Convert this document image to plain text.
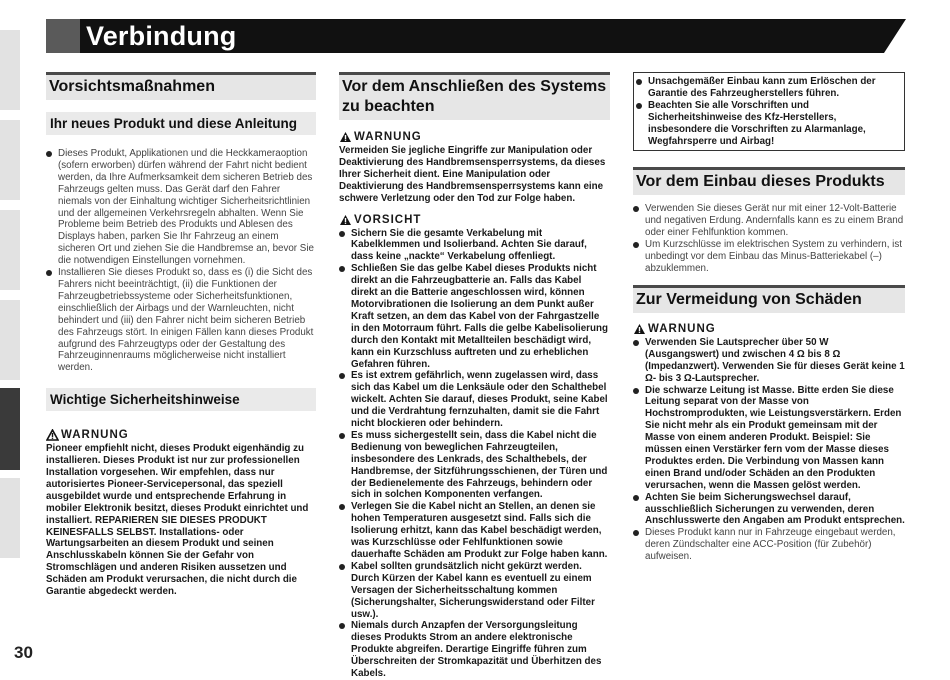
Verbindung
Vorsichtsmaßnahmen
Ihr neues Produkt und diese Anleitung
Dieses Produkt, Applikationen und die Heckkameraoption (sofern erworben) dürfen während der Fahrt nicht bedient werden, da Ihre Aufmerksamkeit dem sicheren Betrieb des Fahrzeugs gelten muss. Das Gerät darf den Fahrer niemals von der Einhaltung wichtiger Sicherheitsrichtlinien und der allgemeinen Verkehrsregeln abhalten. Wenn Sie Probleme beim Betrieb des Produkts und Ablesen des Displays haben, parken Sie Ihr Fahrzeug an einem sicheren Ort und ziehen Sie die Handbremse an, bevor Sie die notwendigen Einstellungen vornehmen.
Installieren Sie dieses Produkt so, dass es (i) die Sicht des Fahrers nicht beeinträchtigt, (ii) die Funktionen der Fahrzeugbetriebssysteme oder Sicherheitsfunktionen, einschließlich der Airbags und der Warnleuchten, nicht behindert und (iii) den Fahrer nicht beim sicheren Betrieb des Fahrzeugs stört. In einigen Fällen kann dieses Produkt aufgrund des Fahrzeugtyps oder der Gestaltung des Fahrzeuginnenraums möglicherweise nicht installiert werden.
Wichtige Sicherheitshinweise
WARNUNG
Pioneer empfiehlt nicht, dieses Produkt eigenhändig zu installieren. Dieses Produkt ist nur zur professionellen Installation vorgesehen. Wir empfehlen, dass nur autorisiertes Pioneer-Servicepersonal, das speziell ausgebildet wurde und entsprechende Erfahrung in mobiler Elektronik besitzt, dieses Produkt einrichtet und installiert. REPARIEREN SIE DIESES PRODUKT KEINESFALLS SELBST. Installations- oder Wartungsarbeiten an diesem Produkt und seinen Anschlusskabeln können Sie der Gefahr von Stromschlägen und anderen Risiken aussetzen und Schäden am Produkt verursachen, die nicht durch die Garantie abgedeckt werden.
Vor dem Anschließen des Systems zu beachten
WARNUNG
Vermeiden Sie jegliche Eingriffe zur Manipulation oder Deaktivierung des Handbremsensperrsystems, da dieses Ihrer Sicherheit dient. Eine Manipulation oder Deaktivierung des Handbremsensperrsystems kann eine schwere Verletzung oder den Tod zur Folge haben.
VORSICHT
Sichern Sie die gesamte Verkabelung mit Kabelklemmen und Isolierband. Achten Sie darauf, dass keine „nackte“ Verkabelung offenliegt.
Schließen Sie das gelbe Kabel dieses Produkts nicht direkt an die Fahrzeugbatterie an. Falls das Kabel direkt an die Batterie angeschlossen wird, können Motorvibrationen die Isolierung an dem Punkt außer Kraft setzen, an dem das Kabel von der Fahrgastzelle in den Motorraum führt. Falls die gelbe Kabelisolierung durch den Kontakt mit Metallteilen beschädigt wird, kann ein Kurzschluss auftreten und zu erheblichen Gefahren führen.
Es ist extrem gefährlich, wenn zugelassen wird, dass sich das Kabel um die Lenksäule oder den Schalthebel wickelt. Achten Sie darauf, dieses Produkt, seine Kabel und die Verdrahtung fernzuhalten, damit sie die Fahrt nicht blockieren oder behindern.
Es muss sichergestellt sein, dass die Kabel nicht die Bedienung von beweglichen Fahrzeugteilen, insbesondere des Lenkrads, des Schalthebels, der Handbremse, der Sitzführungsschienen, der Türen und der Bedienelemente des Fahrzeugs, behindern oder sich in solchen Komponenten verfangen.
Verlegen Sie die Kabel nicht an Stellen, an denen sie hohen Temperaturen ausgesetzt sind. Falls sich die Isolierung erhitzt, kann das Kabel beschädigt werden, was Kurzschlüsse oder Fehlfunktionen sowie dauerhafte Schäden am Produkt zur Folge haben kann.
Kabel sollten grundsätzlich nicht gekürzt werden. Durch Kürzen der Kabel kann es eventuell zu einem Versagen der Sicherheitsschaltung kommen (Sicherungshalter, Sicherungswiderstand oder Filter usw.).
Niemals durch Anzapfen der Versorgungsleitung dieses Produkts Strom an andere elektronische Produkte abgreifen. Derartige Eingriffe führen zum Überschreiten der Stromkapazität und Überhitzen des Kabels.
Unsachgemäßer Einbau kann zum Erlöschen der Garantie des Fahrzeugherstellers führen.
Beachten Sie alle Vorschriften und Sicherheitshinweise des Kfz-Herstellers, insbesondere die Vorschriften zu Alarmanlage, Wegfahrsperre und Airbag!
Vor dem Einbau dieses Produkts
Verwenden Sie dieses Gerät nur mit einer 12-Volt-Batterie und negativen Erdung. Andernfalls kann es zu einem Brand oder einer Fehlfunktion kommen.
Um Kurzschlüsse im elektrischen System zu verhindern, ist unbedingt vor dem Einbau das Minus-Batteriekabel (–) abzuklemmen.
Zur Vermeidung von Schäden
WARNUNG
Verwenden Sie Lautsprecher über 50 W (Ausgangswert) und zwischen 4 Ω bis 8 Ω (Impedanzwert). Verwenden Sie für dieses Gerät keine 1 Ω- bis 3 Ω-Lautsprecher.
Die schwarze Leitung ist Masse. Bitte erden Sie diese Leitung separat von der Masse von Hochstromprodukten, wie Leistungsverstärkern. Erden Sie nicht mehr als ein Produkt gemeinsam mit der Masse von einem anderen Produkt. Beispiel: Sie müssen einen Verstärker fern vom der Masse dieses Produktes erden. Die Verbindung von Massen kann einen Brand und/oder Schäden an den Produkten verursachen, wenn die Massen gelöst werden.
Achten Sie beim Sicherungswechsel darauf, ausschließlich Sicherungen zu verwenden, deren Anschlusswerte den Angaben am Produkt entsprechen.
Dieses Produkt kann nur in Fahrzeuge eingebaut werden, deren Zündschalter eine ACC-Position (für Zubehör) aufweisen.
30
